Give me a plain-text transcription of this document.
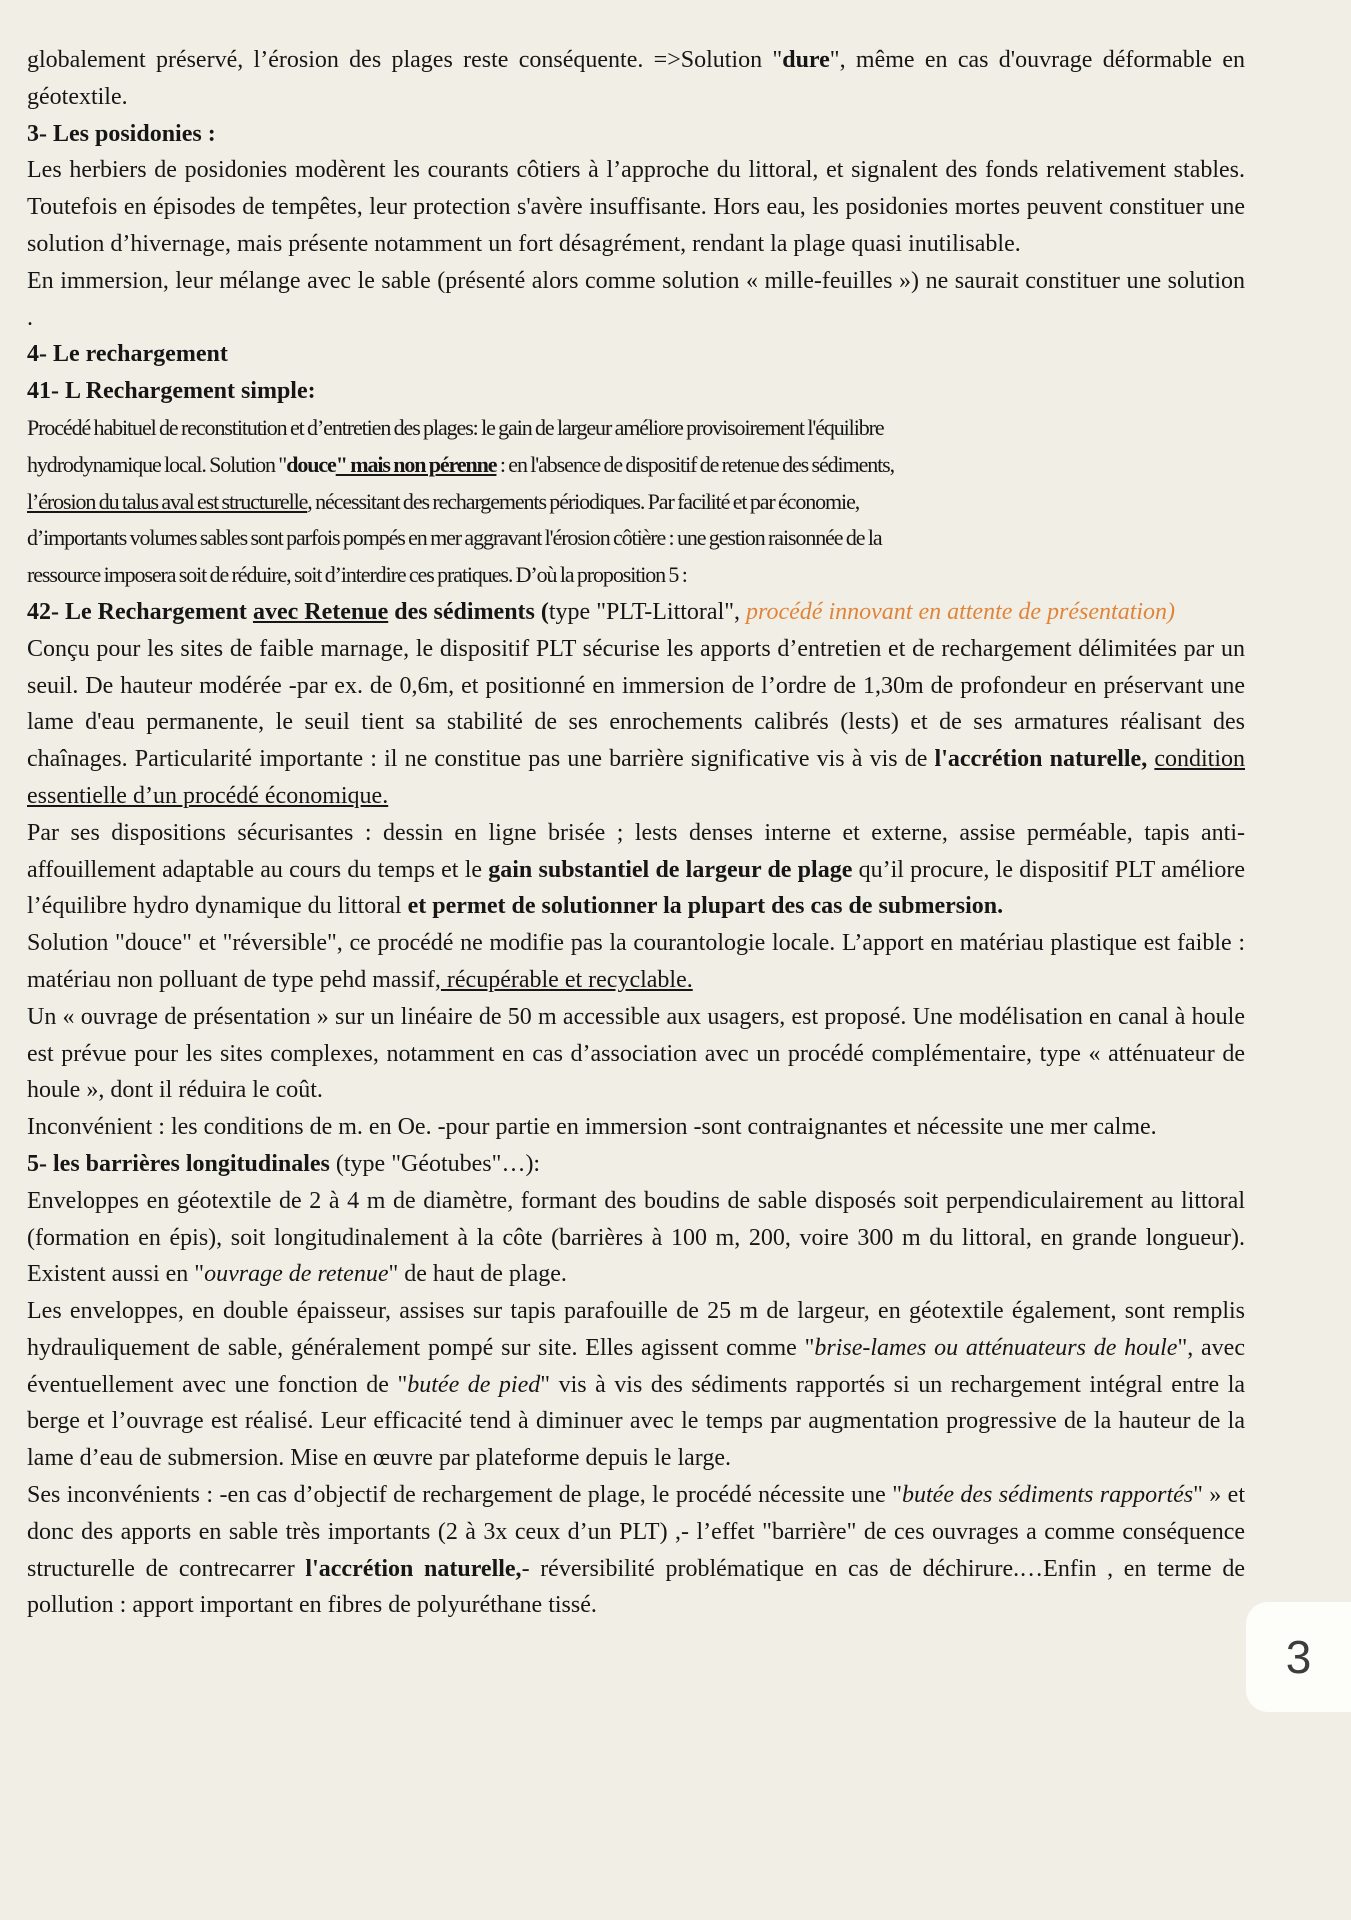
globalement préservé, l’érosion des plages reste conséquente. =>Solution "dure", même en cas d'ouvrage déformable en géotextile.

3- Les posidonies :

Les herbiers de posidonies modèrent les courants côtiers à l’approche du littoral, et signalent des fonds relativement stables. Toutefois en épisodes de tempêtes, leur protection s'avère insuffisante. Hors eau, les posidonies mortes peuvent constituer une solution d’hivernage, mais présente notamment un fort désagrément, rendant la plage quasi inutilisable.

En immersion, leur mélange avec le sable (présenté alors comme solution « mille-feuilles ») ne saurait constituer une solution .

4- Le rechargement

41- L Rechargement simple:

Procédé habituel de reconstitution et d’entretien des plages: le gain de largeur améliore provisoirement l'équilibre
hydrodynamique local. Solution "douce" mais non pérenne : en l'absence de dispositif de retenue des sédiments,
l’érosion du talus aval est structurelle, nécessitant des rechargements périodiques. Par facilité et par économie,
d’importants volumes sables sont parfois pompés en mer aggravant l'érosion côtière : une gestion raisonnée de la
ressource imposera soit de réduire, soit d’interdire ces pratiques. D’où la proposition 5 :

42- Le Rechargement avec Retenue des sédiments (type "PLT-Littoral", procédé innovant en attente de présentation)

Conçu pour les sites de faible marnage, le dispositif PLT sécurise les apports d’entretien et de rechargement délimitées par un seuil. De hauteur modérée -par ex. de 0,6m, et positionné en immersion de l’ordre de 1,30m de profondeur en préservant une lame d'eau permanente, le seuil tient sa stabilité de ses enrochements calibrés (lests) et de ses armatures réalisant des chaînages. Particularité importante : il ne constitue pas une barrière significative vis à vis de l'accrétion naturelle, condition essentielle d’un procédé économique.

Par ses dispositions sécurisantes : dessin en ligne brisée ; lests denses interne et externe, assise perméable, tapis anti-affouillement adaptable au cours du temps et le gain substantiel de largeur de plage qu’il procure, le dispositif PLT améliore l’équilibre hydro dynamique du littoral et permet de solutionner la plupart des cas de submersion.

Solution "douce" et "réversible", ce procédé ne modifie pas la courantologie locale. L’apport en matériau plastique est faible : matériau non polluant de type pehd massif, récupérable et recyclable.

Un « ouvrage de présentation » sur un linéaire de 50 m accessible aux usagers, est proposé. Une modélisation en canal à houle est prévue pour les sites complexes, notamment en cas d’association avec un procédé complémentaire, type « atténuateur de houle », dont il réduira le coût.

Inconvénient : les conditions de m. en Oe. -pour partie en immersion -sont contraignantes et nécessite une mer calme.

5- les barrières longitudinales (type "Géotubes"…):

Enveloppes en géotextile de 2 à 4 m de diamètre, formant des boudins de sable disposés soit perpendiculairement au littoral (formation en épis), soit longitudinalement à la côte (barrières à 100 m, 200, voire 300 m du littoral, en grande longueur). Existent aussi en "ouvrage de retenue" de haut de plage.

Les enveloppes, en double épaisseur, assises sur tapis parafouille de 25 m de largeur, en géotextile également, sont remplis hydrauliquement de sable, généralement pompé sur site. Elles agissent comme "brise-lames ou atténuateurs de houle", avec éventuellement avec une fonction de "butée de pied" vis à vis des sédiments rapportés si un rechargement intégral entre la berge et l’ouvrage est réalisé. Leur efficacité tend à diminuer avec le temps par augmentation progressive de la hauteur de la lame d’eau de submersion. Mise en œuvre par plateforme depuis le large.

Ses inconvénients : -en cas d’objectif de rechargement de plage, le procédé nécessite une "butée des sédiments rapportés" » et donc des apports en sable très importants (2 à 3x ceux d’un PLT) ,- l’effet "barrière" de ces ouvrages a comme conséquence structurelle de contrecarrer l'accrétion naturelle,- réversibilité problématique en cas de déchirure.…Enfin , en terme de pollution : apport important en fibres de polyuréthane tissé.

3
